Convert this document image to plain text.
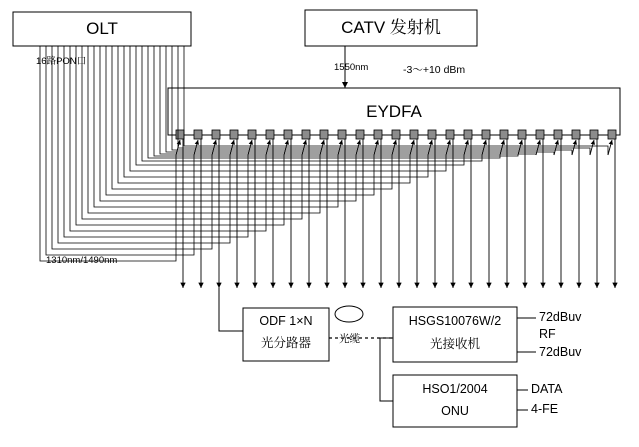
OLT	CATV 发射机
EYDFA
16路PON口
1550nm	-3～+10 dBm
1310nm/1490nm
ODF 1×N
光分路器	光缆
HSGS10076W/2
光接收机
HSO1/2004
ONU
72dBuv
RF
72dBuv
DATA
4-FE
